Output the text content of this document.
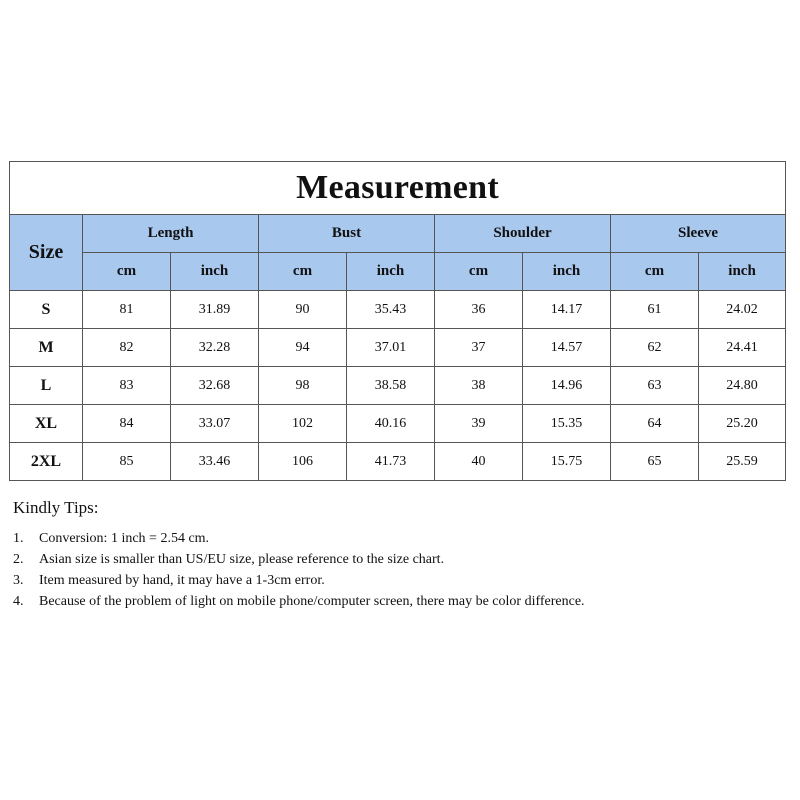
Measurement								
Size	Length		Bust		Shoulder		Sleeve	
	cm	inch	cm	inch	cm	inch	cm	inch
S	81	31.89	90	35.43	36	14.17	61	24.02
M	82	32.28	94	37.01	37	14.57	62	24.41
L	83	32.68	98	38.58	38	14.96	63	24.80
XL	84	33.07	102	40.16	39	15.35	64	25.20
2XL	85	33.46	106	41.73	40	15.75	65	25.59
Kindly Tips:
1. Conversion: 1 inch = 2.54 cm.
2. Asian size is smaller than US/EU size, please reference to the size chart.
3. Item measured by hand, it may have a 1-3cm error.
4. Because of the problem of light on mobile phone/computer screen, there may be color difference.
